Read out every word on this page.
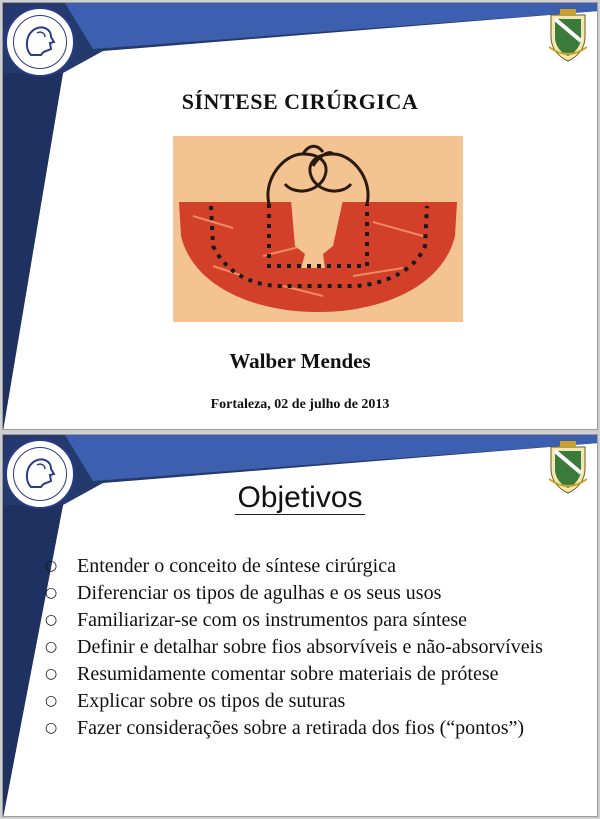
SÍNTESE CIRÚRGICA
Walber Mendes
Fortaleza, 02 de julho de 2013
Objetivos
○ Entender o conceito de síntese cirúrgica
○ Diferenciar os tipos de agulhas e os seus usos
○ Familiarizar-se com os instrumentos para síntese
○ Definir e detalhar sobre fios absorvíveis e não-absorvíveis
○ Resumidamente comentar sobre materiais de prótese
○ Explicar sobre os tipos de suturas
○ Fazer considerações sobre a retirada dos fios (“pontos”)
